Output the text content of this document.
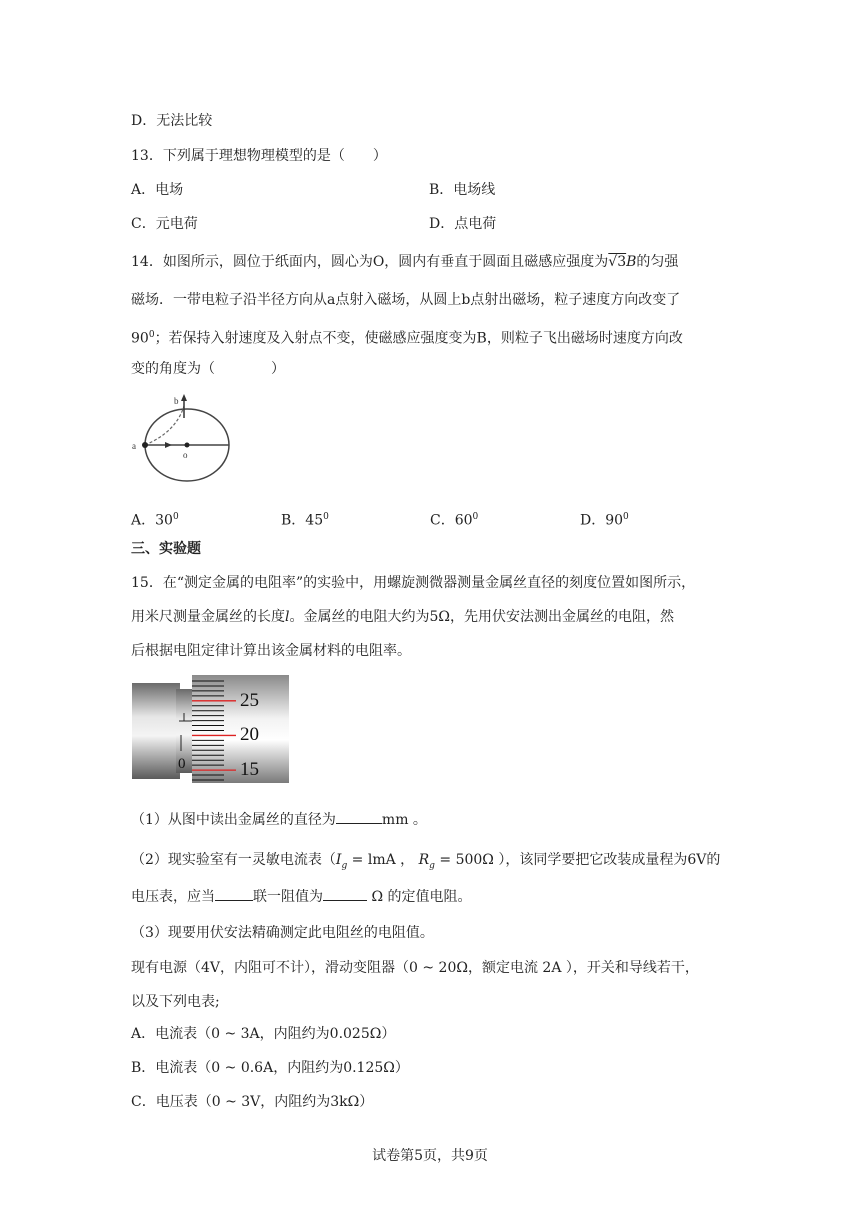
D．无法比较
13．下列属于理想物理模型的是（　　）
A．电场	B．电场线
C．元电荷	D．点电荷
14．如图所示，圆位于纸面内，圆心为O，圆内有垂直于圆面且磁感应强度为√3B的匀强
磁场．一带电粒子沿半径方向从a点射入磁场，从圆上b点射出磁场，粒子速度方向改变了
$90^0$；若保持入射速度及入射点不变，使磁感应强度变为B，则粒子飞出磁场时速度方向改
变的角度为（　　　　）
a
b
o
A．$30^0$	B．$45^0$	C．$60^0$	D．$90^0$
三、实验题
15．在“测定金属的电阻率”的实验中，用螺旋测微器测量金属丝直径的刻度位置如图所示，
用米尺测量金属丝的长度l。金属丝的电阻大约为5Ω，先用伏安法测出金属丝的电阻，然
后根据电阻定律计算出该金属材料的电阻率。
0
25
20
15
（1）从图中读出金属丝的直径为	mm 。
（2）现实验室有一灵敏电流表（$I_g$ = lmA ， $R_g = 500\Omega$ ），该同学要把它改装成量程为6V的
电压表，应当	联一阻值为	Ω 的定值电阻。
（3）现要用伏安法精确测定此电阻丝的电阻值。
现有电源（4V，内阻可不计），滑动变阻器（0 ~ 20Ω，额定电流 2A ），开关和导线若干，
以及下列电表;
A．电流表（0 ~ 3A，内阻约为0.025Ω）
B．电流表（0 ~ 0.6A，内阻约为0.125Ω）
C．电压表（0 ~ 3V，内阻约为3kΩ）
试卷第5页，共9页
